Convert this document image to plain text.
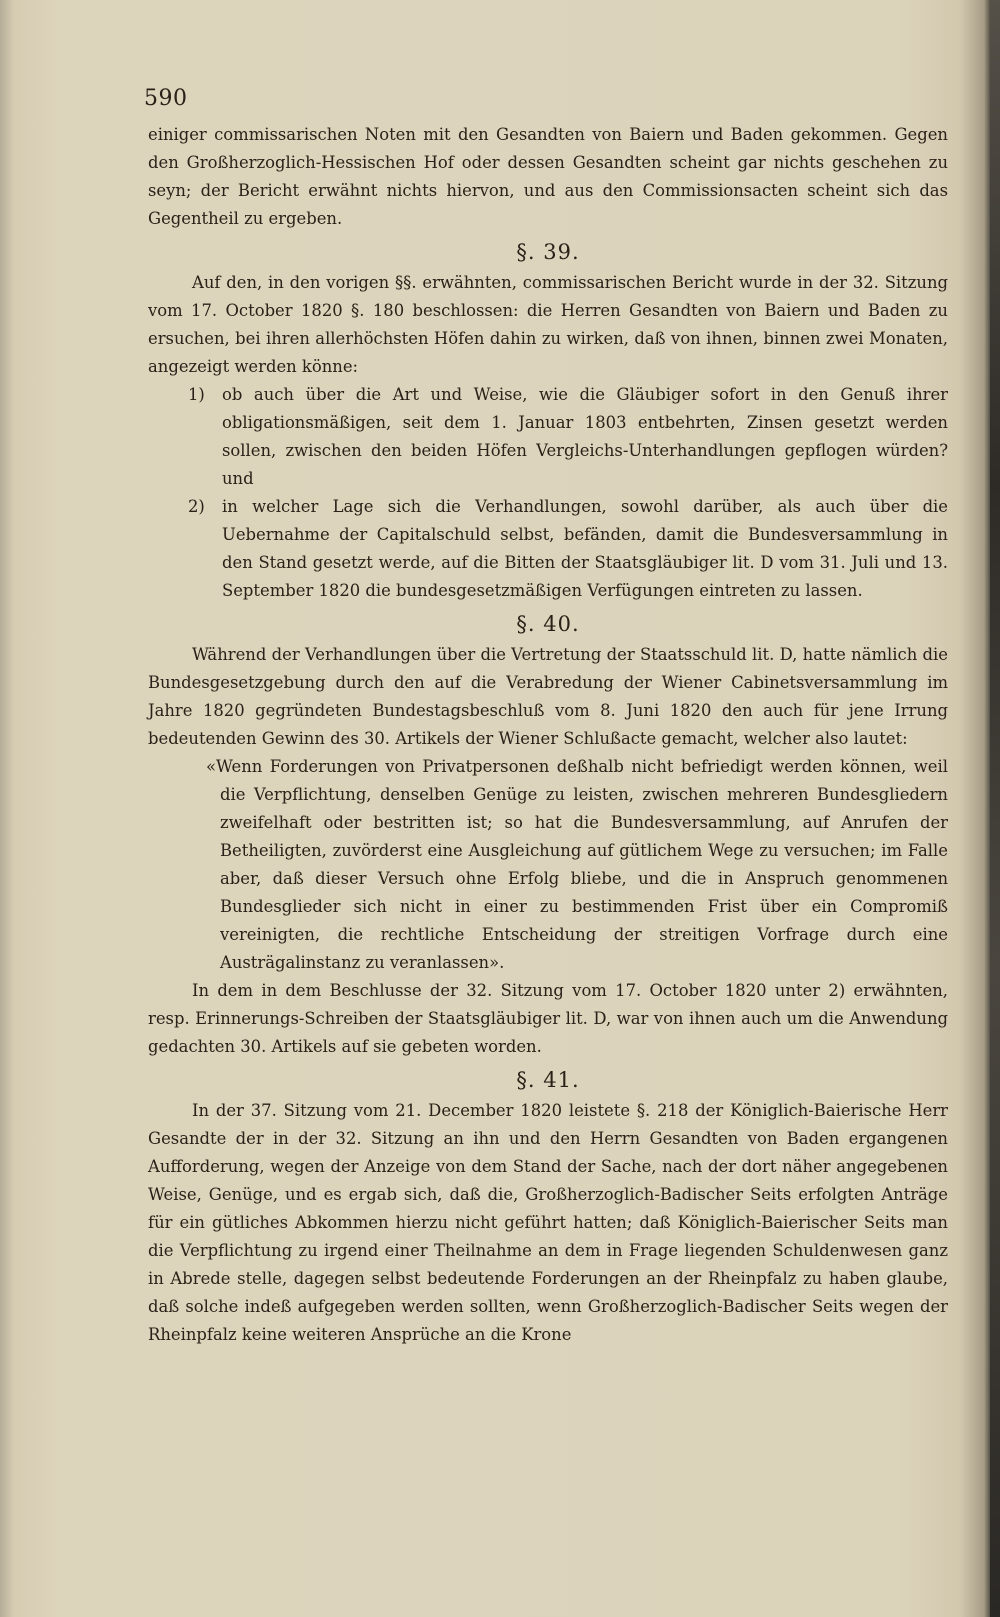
590

einiger commissarischen Noten mit den Gesandten von Baiern und Baden gekommen. Gegen den Großherzoglich-Hessischen Hof oder dessen Gesandten scheint gar nichts geschehen zu seyn; der Bericht erwähnt nichts hiervon, und aus den Commissionsacten scheint sich das Gegentheil zu ergeben.

§. 39.

Auf den, in den vorigen §§. erwähnten, commissarischen Bericht wurde in der 32. Sitzung vom 17. October 1820 §. 180 beschlossen: die Herren Gesandten von Baiern und Baden zu ersuchen, bei ihren allerhöchsten Höfen dahin zu wirken, daß von ihnen, binnen zwei Monaten, angezeigt werden könne:

1)	ob auch über die Art und Weise, wie die Gläubiger sofort in den Genuß ihrer obligationsmäßigen, seit dem 1. Januar 1803 entbehrten, Zinsen gesetzt werden sollen, zwischen den beiden Höfen Vergleichs-Unterhandlungen gepflogen würden? und

2)	in welcher Lage sich die Verhandlungen, sowohl darüber, als auch über die Uebernahme der Capitalschuld selbst, befänden, damit die Bundesversammlung in den Stand gesetzt werde, auf die Bitten der Staatsgläubiger lit. D vom 31. Juli und 13. September 1820 die bundesgesetzmäßigen Verfügungen eintreten zu lassen.

§. 40.

Während der Verhandlungen über die Vertretung der Staatsschuld lit. D, hatte nämlich die Bundesgesetzgebung durch den auf die Verabredung der Wiener Cabinetsversammlung im Jahre 1820 gegründeten Bundestagsbeschluß vom 8. Juni 1820 den auch für jene Irrung bedeutenden Gewinn des 30. Artikels der Wiener Schlußacte gemacht, welcher also lautet:

«Wenn Forderungen von Privatpersonen deßhalb nicht befriedigt werden können, weil die Verpflichtung, denselben Genüge zu leisten, zwischen mehreren Bundesgliedern zweifelhaft oder bestritten ist; so hat die Bundesversammlung, auf Anrufen der Betheiligten, zuvörderst eine Ausgleichung auf gütlichem Wege zu versuchen; im Falle aber, daß dieser Versuch ohne Erfolg bliebe, und die in Anspruch genommenen Bundesglieder sich nicht in einer zu bestimmenden Frist über ein Compromiß vereinigten, die rechtliche Entscheidung der streitigen Vorfrage durch eine Austrägalinstanz zu veranlassen».

In dem in dem Beschlusse der 32. Sitzung vom 17. October 1820 unter 2) erwähnten, resp. Erinnerungs-Schreiben der Staatsgläubiger lit. D, war von ihnen auch um die Anwendung gedachten 30. Artikels auf sie gebeten worden.

§. 41.

In der 37. Sitzung vom 21. December 1820 leistete §. 218 der Königlich-Baierische Herr Gesandte der in der 32. Sitzung an ihn und den Herrn Gesandten von Baden ergangenen Aufforderung, wegen der Anzeige von dem Stand der Sache, nach der dort näher angegebenen Weise, Genüge, und es ergab sich, daß die, Großherzoglich-Badischer Seits erfolgten Anträge für ein gütliches Abkommen hierzu nicht geführt hatten; daß Königlich-Baierischer Seits man die Verpflichtung zu irgend einer Theilnahme an dem in Frage liegenden Schuldenwesen ganz in Abrede stelle, dagegen selbst bedeutende Forderungen an der Rheinpfalz zu haben glaube, daß solche indeß aufgegeben werden sollten, wenn Großherzoglich-Badischer Seits wegen der Rheinpfalz keine weiteren Ansprüche an die Krone
